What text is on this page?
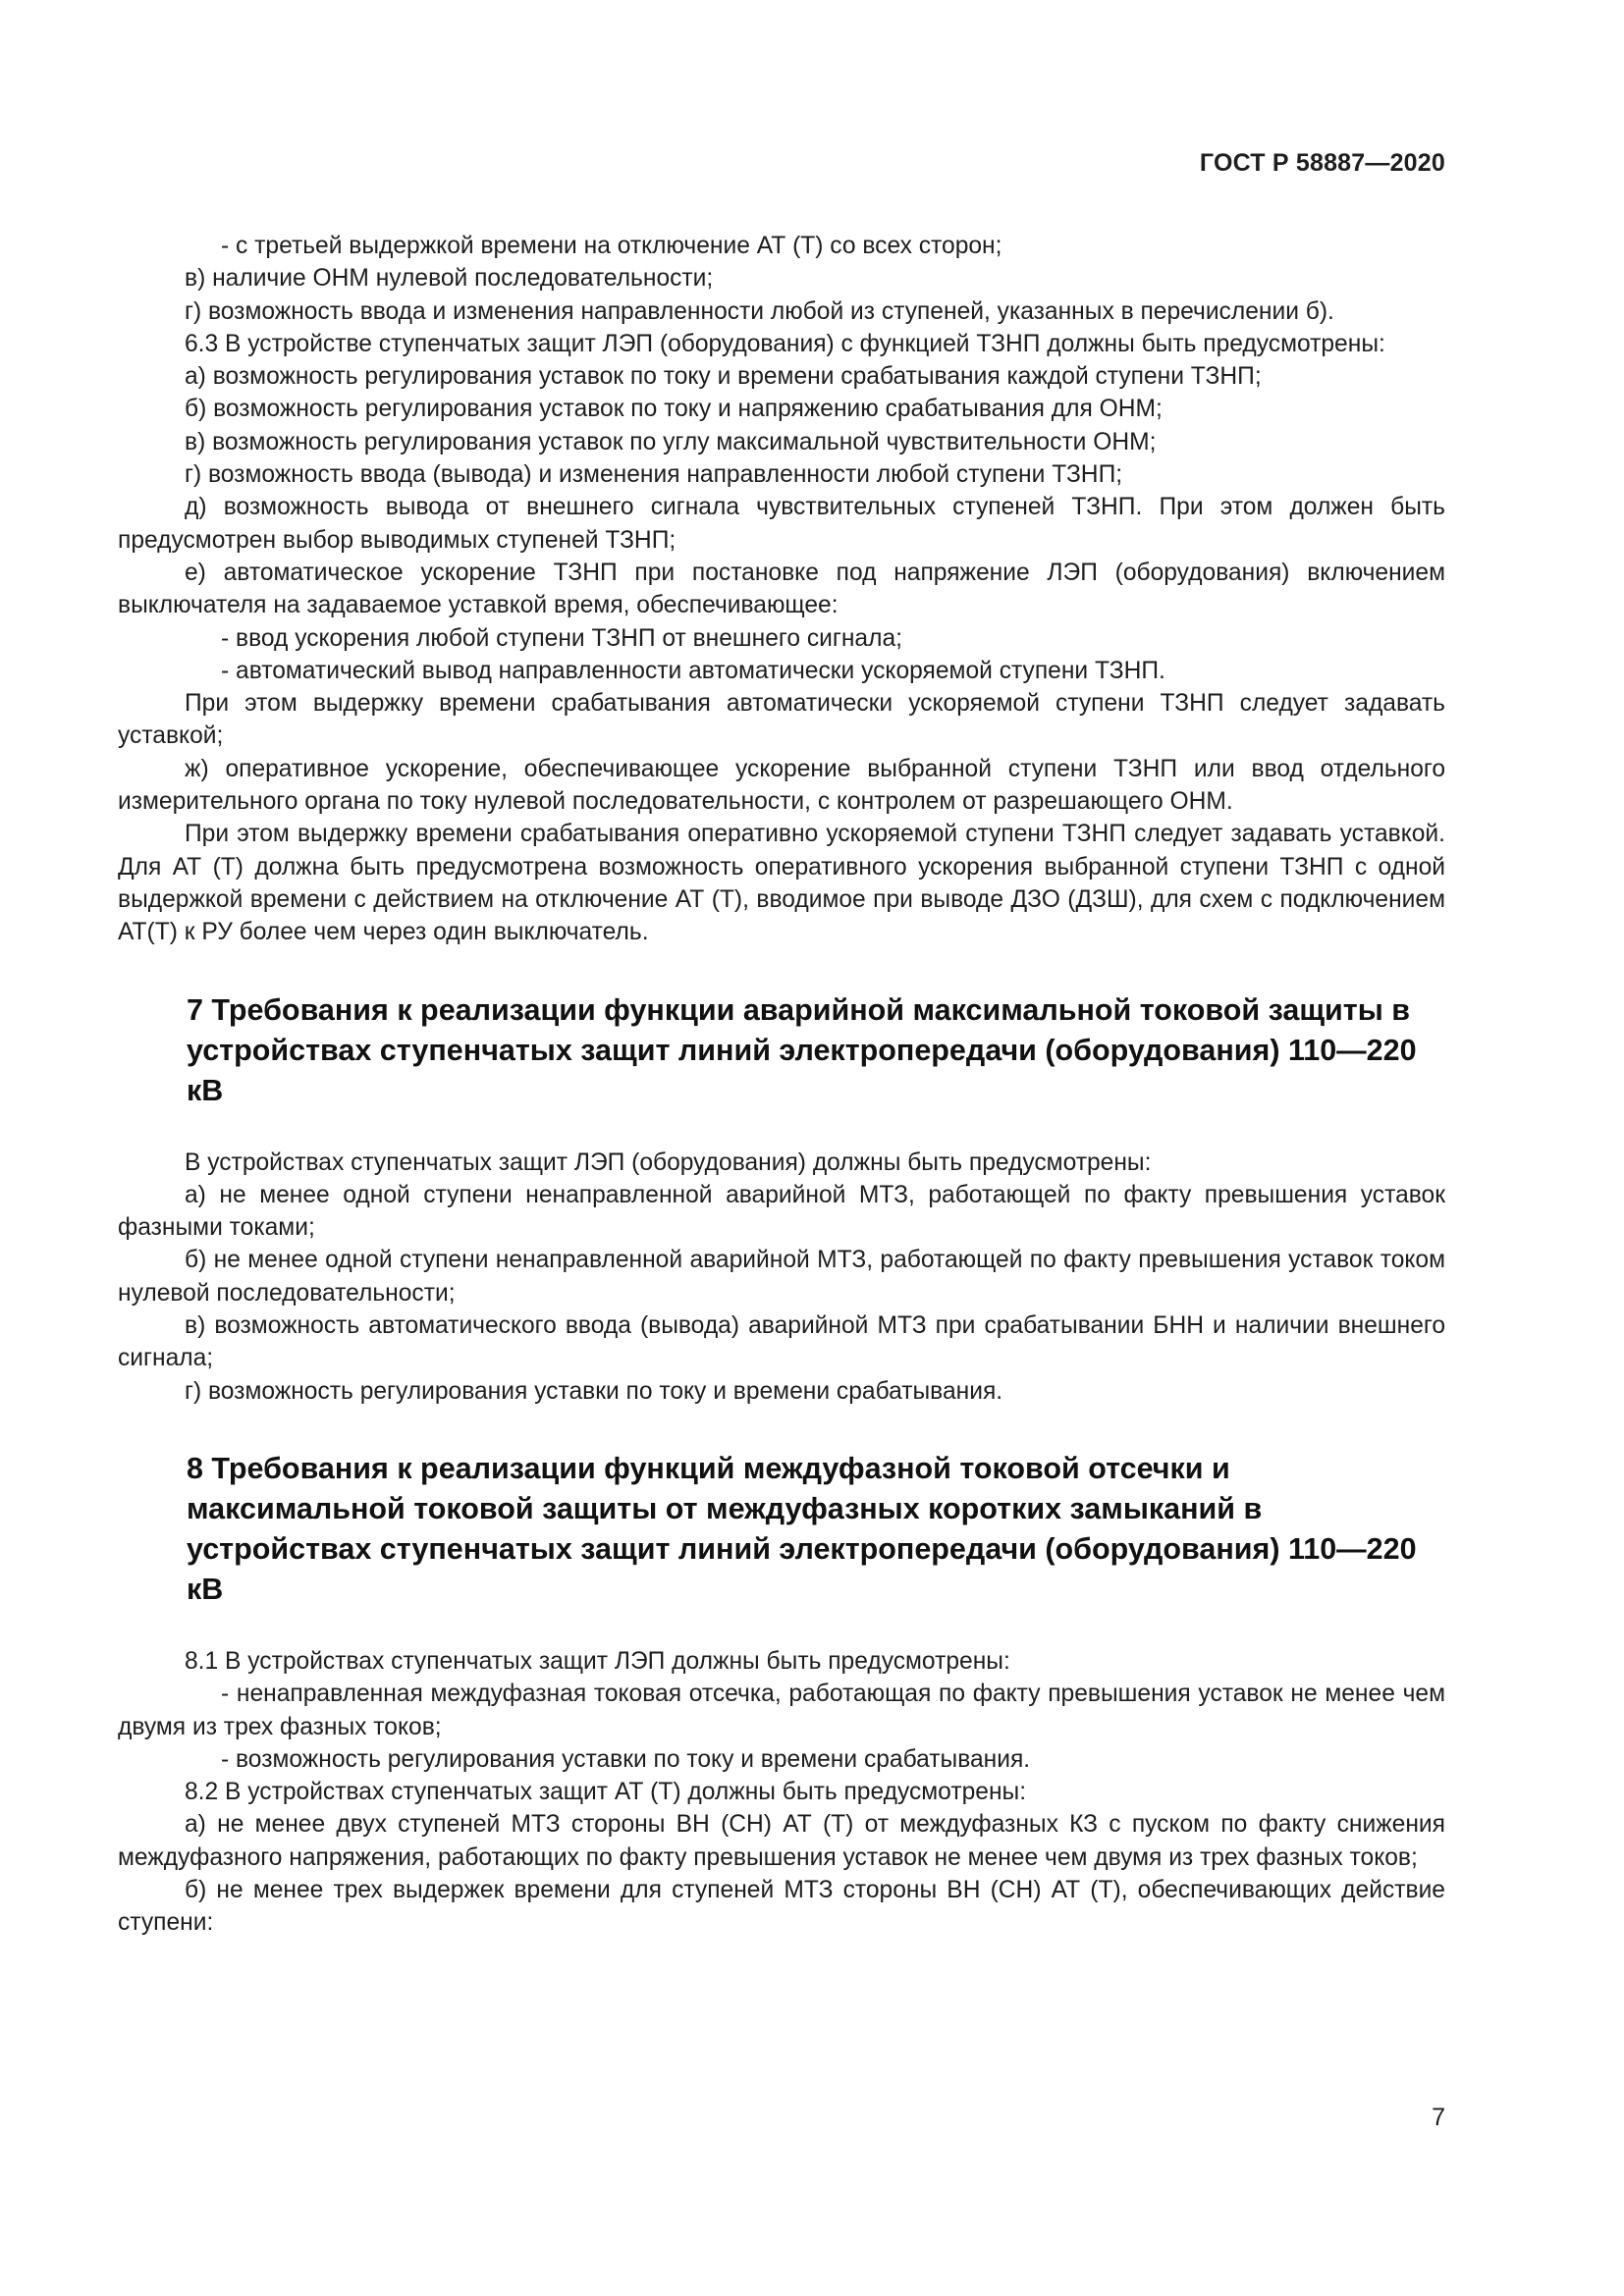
ГОСТ Р 58887—2020

- с третьей выдержкой времени на отключение АТ (Т) со всех сторон;

в) наличие ОНМ нулевой последовательности;

г) возможность ввода и изменения направленности любой из ступеней, указанных в перечислении б).

6.3 В устройстве ступенчатых защит ЛЭП (оборудования) с функцией ТЗНП должны быть предусмотрены:

а) возможность регулирования уставок по току и времени срабатывания каждой ступени ТЗНП;

б) возможность регулирования уставок по току и напряжению срабатывания для ОНМ;

в) возможность регулирования уставок по углу максимальной чувствительности ОНМ;

г) возможность ввода (вывода) и изменения направленности любой ступени ТЗНП;

д) возможность вывода от внешнего сигнала чувствительных ступеней ТЗНП. При этом должен быть предусмотрен выбор выводимых ступеней ТЗНП;

е) автоматическое ускорение ТЗНП при постановке под напряжение ЛЭП (оборудования) включением выключателя на задаваемое уставкой время, обеспечивающее:

- ввод ускорения любой ступени ТЗНП от внешнего сигнала;

- автоматический вывод направленности автоматически ускоряемой ступени ТЗНП.

При этом выдержку времени срабатывания автоматически ускоряемой ступени ТЗНП следует задавать уставкой;

ж) оперативное ускорение, обеспечивающее ускорение выбранной ступени ТЗНП или ввод отдельного измерительного органа по току нулевой последовательности, с контролем от разрешающего ОНМ.

При этом выдержку времени срабатывания оперативно ускоряемой ступени ТЗНП следует задавать уставкой. Для АТ (Т) должна быть предусмотрена возможность оперативного ускорения выбранной ступени ТЗНП с одной выдержкой времени с действием на отключение АТ (Т), вводимое при выводе ДЗО (ДЗШ), для схем с подключением АТ(Т) к РУ более чем через один выключатель.

7 Требования к реализации функции аварийной максимальной токовой защиты в устройствах ступенчатых защит линий электропередачи (оборудования) 110—220 кВ

В устройствах ступенчатых защит ЛЭП (оборудования) должны быть предусмотрены:

а) не менее одной ступени ненаправленной аварийной МТЗ, работающей по факту превышения уставок фазными токами;

б) не менее одной ступени ненаправленной аварийной МТЗ, работающей по факту превышения уставок током нулевой последовательности;

в) возможность автоматического ввода (вывода) аварийной МТЗ при срабатывании БНН и наличии внешнего сигнала;

г) возможность регулирования уставки по току и времени срабатывания.

8 Требования к реализации функций междуфазной токовой отсечки и максимальной токовой защиты от междуфазных коротких замыканий в устройствах ступенчатых защит линий электропередачи (оборудования) 110—220 кВ

8.1 В устройствах ступенчатых защит ЛЭП должны быть предусмотрены:

- ненаправленная междуфазная токовая отсечка, работающая по факту превышения уставок не менее чем двумя из трех фазных токов;

- возможность регулирования уставки по току и времени срабатывания.

8.2 В устройствах ступенчатых защит АТ (Т) должны быть предусмотрены:

а) не менее двух ступеней МТЗ стороны ВН (СН) АТ (Т) от междуфазных КЗ с пуском по факту снижения междуфазного напряжения, работающих по факту превышения уставок не менее чем двумя из трех фазных токов;

б) не менее трех выдержек времени для ступеней МТЗ стороны ВН (СН) АТ (Т), обеспечивающих действие ступени:

7
